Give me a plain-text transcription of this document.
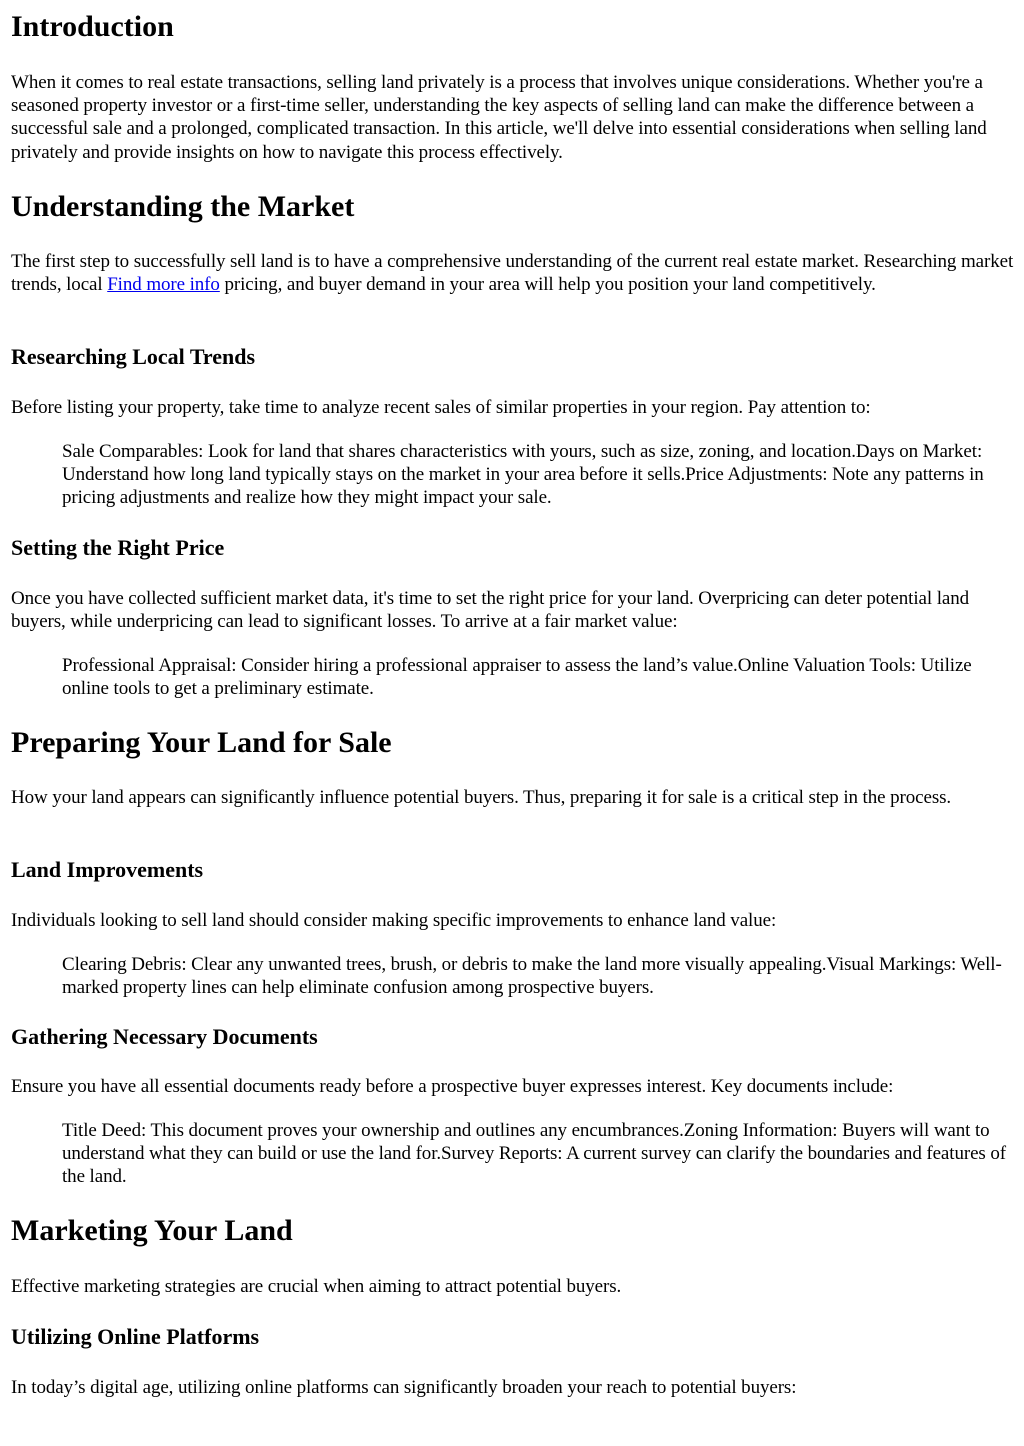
Introduction

When it comes to real estate transactions, selling land privately is a process that involves unique considerations. Whether you're a seasoned property investor or a first-time seller, understanding the key aspects of selling land can make the difference between a successful sale and a prolonged, complicated transaction. In this article, we'll delve into essential considerations when selling land privately and provide insights on how to navigate this process effectively.

Understanding the Market

The first step to successfully sell land is to have a comprehensive understanding of the current real estate market. Researching market trends, local Find more info pricing, and buyer demand in your area will help you position your land competitively.

Researching Local Trends

Before listing your property, take time to analyze recent sales of similar properties in your region. Pay attention to:

Sale Comparables: Look for land that shares characteristics with yours, such as size, zoning, and location.Days on Market: Understand how long land typically stays on the market in your area before it sells.Price Adjustments: Note any patterns in pricing adjustments and realize how they might impact your sale.
Setting the Right Price

Once you have collected sufficient market data, it's time to set the right price for your land. Overpricing can deter potential land buyers, while underpricing can lead to significant losses. To arrive at a fair market value:

Professional Appraisal: Consider hiring a professional appraiser to assess the land’s value.Online Valuation Tools: Utilize online tools to get a preliminary estimate.
Preparing Your Land for Sale

How your land appears can significantly influence potential buyers. Thus, preparing it for sale is a critical step in the process.

Land Improvements

Individuals looking to sell land should consider making specific improvements to enhance land value:

Clearing Debris: Clear any unwanted trees, brush, or debris to make the land more visually appealing.Visual Markings: Well-marked property lines can help eliminate confusion among prospective buyers.
Gathering Necessary Documents

Ensure you have all essential documents ready before a prospective buyer expresses interest. Key documents include:

Title Deed: This document proves your ownership and outlines any encumbrances.Zoning Information: Buyers will want to understand what they can build or use the land for.Survey Reports: A current survey can clarify the boundaries and features of the land.
Marketing Your Land

Effective marketing strategies are crucial when aiming to attract potential buyers.

Utilizing Online Platforms

In today’s digital age, utilizing online platforms can significantly broaden your reach to potential buyers:
